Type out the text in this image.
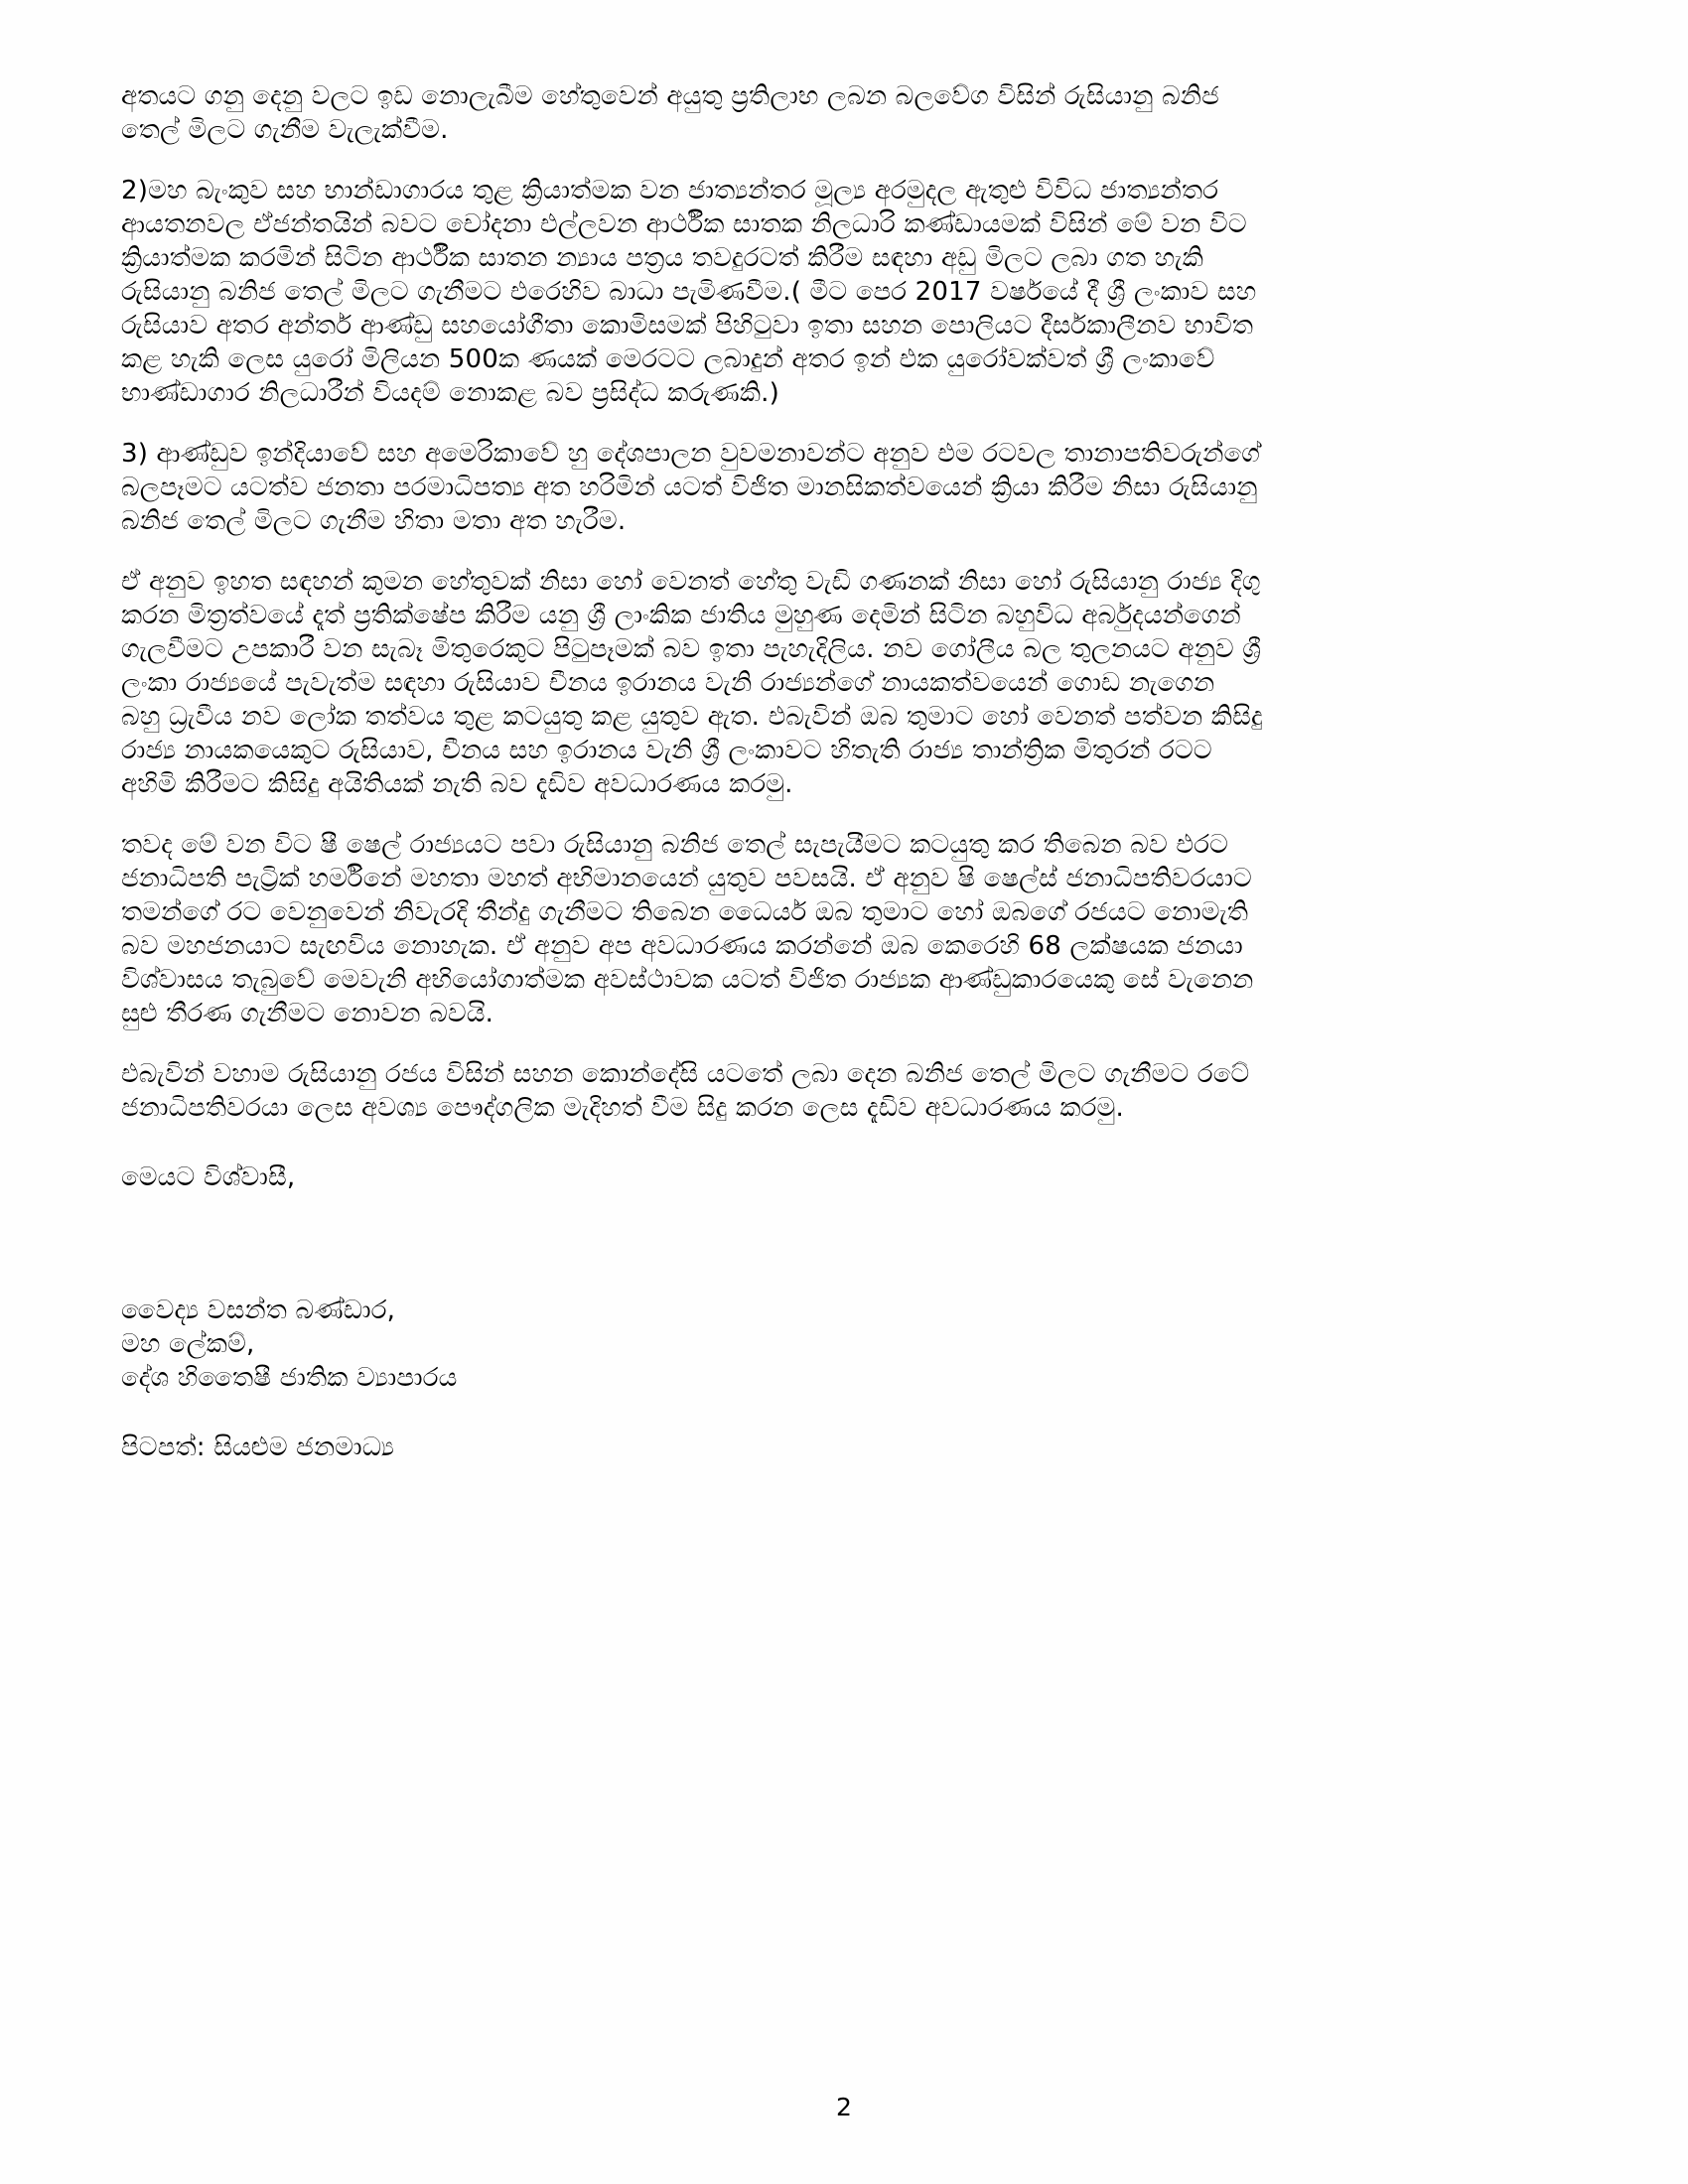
අතයට ගනු දෙනු වලට ඉඩ නොලැබීම හේතුවෙන් අයුතු ප්‍රතිලාභ ලබන බලවේග විසින් රුසියානු බනිජ
තෙල් මිලට ගැනීම වැලැක්වීම.
2)මහ බැංකුව සහ භාන්ඩාගාරය තුළ ක්‍රියාත්මක වන ජාත්‍යන්තර මූල්‍ය අරමුදල ඇතුළු විවිධ ජාත්‍යන්තර
ආයතනවල ඒජන්තයින් බවට චෝදනා එල්ලවන ආර්ථීක සාතක නිලධාරි කණ්ඩායමක් විසින් මේ වන විට
ක්‍රියාත්මක කරමින් සිටින ආර්ථීක සාතන න්‍යාය පත්‍රය තවදුරටත් කිරීම සඳහා අඩු මිලට ලබා ගත හැකි
රුසියානු බනිජ තෙල් මිලට ගැනීමට එරෙහිව බාධා පැමිණවීම.( මීට පෙර 2017 වර්ෂයේ දී ශ්‍රී ලංකාව සහ
රුසියාව අතර අන්තර් ආණ්ඩු සහයෝගීතා කොමිසමක් පිහිටුවා ඉතා සහන පොලියට දීර්සකාලීනව භාවිත
කළ හැකි ලෙස යුරෝ මිලියන 500ක ණයක් මෙරටට ලබාදුන් අතර ඉන් එක යුරෝවක්වත් ශ්‍රී ලංකාවේ
භාණ්ඩාගාර නිලධාරීන් වියදම් නොකළ බව ප්‍රසිද්ධ කරුණකි.)
3) ආණ්ඩුව ඉන්දියාවේ සහ අමෙරිකාවේ හු දේශපාලන වුවමනාවන්ට අනුව එම රටවල තානාපතිවරුන්ගේ
බලපෑමට යටත්ව ජනතා පරමාධිපත්‍ය අත හරිමින් යටත් විජිත මානසිකත්වයෙන් ක්‍රියා කිරීම නිසා රුසියානු
බනිජ තෙල් මිලට ගැනීම හිතා මතා අත හැරීම.
ඒ අනුව ඉහත සඳහන් කුමන හේතුවක් නිසා හෝ වෙනත් හේතු වැඩි ගණනක් නිසා හෝ රුසියානු රාජ්‍ය දිගු
කරන මිත්‍රත්වයේ දෑත් ප්‍රතික්ෂේප කිරීම යනු ශ්‍රී ලාංකික ජාතිය මුහුණ දෙමින් සිටින බහුවිධ අර්බුදයන්ගෙන්
ගැලවීමට උපකාරී වන සැබෑ මිතුරෙකුට පිටුපෑමක් බව ඉතා පැහැදිලිය. නව ගෝලීය බල තුලනයට අනුව ශ්‍රී
ලංකා රාජ්‍යයේ පැවැත්ම සඳහා රුසියාව චීනය ඉරානය වැනි රාජ්‍යන්ගේ නායකත්වයෙන් ගොඩ නැගෙන
බහු ධ්‍රැවීය නව ලෝක තත්වය තුළ කටයුතු කළ යුතුව ඇත. එබැවින් ඔබ තුමාට හෝ වෙනත් පත්වන කිසිදු
රාජ්‍ය නායකයෙකුට රුසියාව, චීනය සහ ඉරානය වැනි ශ්‍රී ලංකාවට හිතැති රාජ්‍ය තාන්ත්‍රික මිතුරන් රටට
අහිමි කිරීමට කිසිදු අයිතියක් නැති බව දැඩිව අවධාරණය කරමු.
තවද මේ වන විට ෂී ෂෙල් රාජ්‍යයට පවා රුසියානු බනිජ තෙල් සැපැයීමට කටයුතු කර තිබෙන බව එරට
ජනාධිපති පැට්‍රික් හර්මිනේ මහතා මහත් අභිමානයෙන් යුතුව පවසයි. ඒ අනුව ෂි ෂෙල්ස් ජනාධිපතිවරයාට
තමන්ගේ රට වෙනුවෙන් නිවැරදි තීන්දු ගැනීමට තිබෙන ධෛර්ය ඔබ තුමාට හෝ ඔබගේ රජයට නොමැති
බව මහජනයාට සැඟවිය නොහැක. ඒ අනුව අප අවධාරණය කරන්නේ ඔබ කෙරෙහි 68 ලක්ෂයක ජනයා
විශ්වාසය තැබුවේ මෙවැනි අභියෝගාත්මක අවස්ථාවක යටත් විජිත රාජ්‍යක ආණ්ඩුකාරයෙකු සේ වැනෙන
සුළු තීරණ ගැනීමට නොවන බවයි.
එබැවින් වහාම රුසියානු රජය විසින් සහන කොන්දේසි යටතේ ලබා දෙන බනිජ තෙල් මිලට ගැනීමට රටේ
ජනාධිපතිවරයා ලෙස අවශ්‍ය පෞද්ගලික මැදිහත් වීම සිදු කරන ලෙස දැඩිව අවධාරණය කරමු.
මෙයට විශ්වාසී,
වෛද්‍ය වසන්ත බණ්ඩාර,
මහ ලේකම්,
දේශ හිතෛෂී ජාතික ව්‍යාපාරය
පිටපත්: සියළුම ජනමාධ්‍ය
2
